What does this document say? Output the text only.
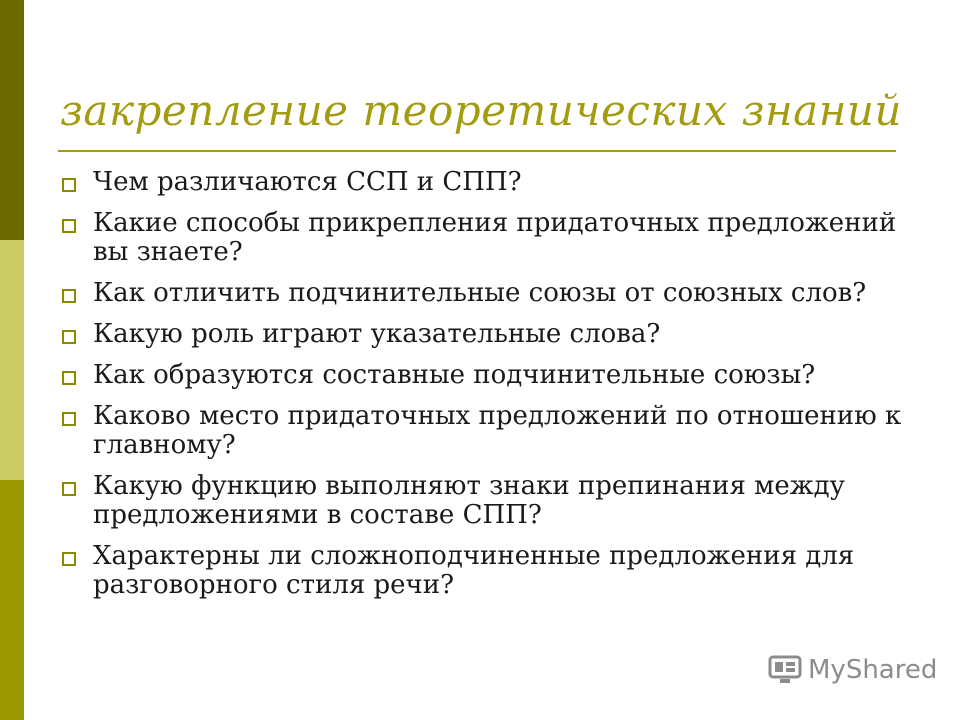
закрепление теоретических знаний
Чем различаются ССП и СПП?
Какие способы прикрепления придаточных предложений вы знаете?
Как отличить подчинительные союзы от союзных слов?
Какую роль играют указательные слова?
Как образуются составные подчинительные союзы?
Каково место придаточных предложений по отношению к главному?
Какую функцию выполняют знаки препинания между предложениями в составе СПП?
Характерны ли сложноподчиненные предложения для разговорного стиля речи?
MyShared
